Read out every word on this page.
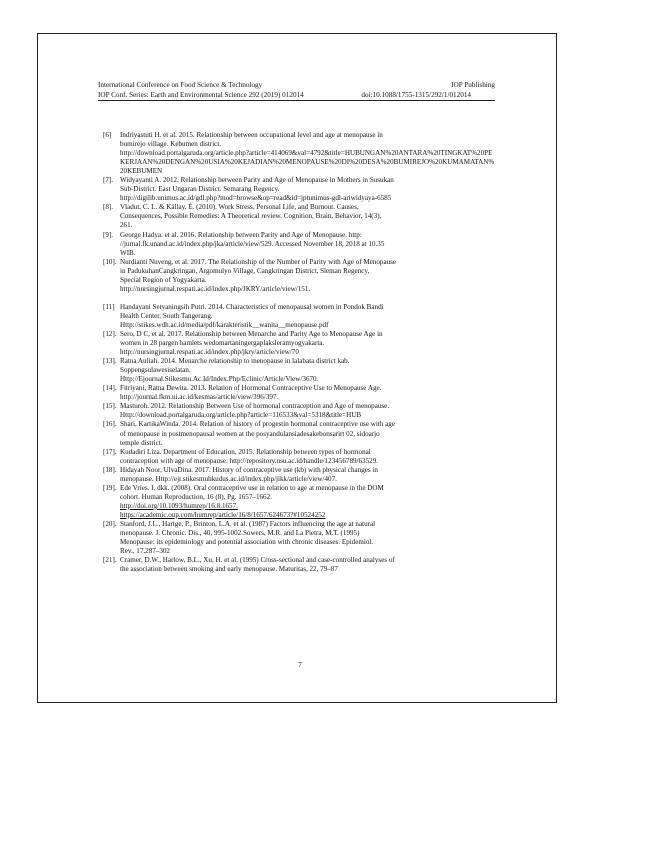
International Conference on Food Science & Technology	IOP Publishing
IOP Conf. Series: Earth and Environmental Science 292 (2019) 012014	doi:10.1088/1755-1315/292/1/012014
[6]	Indriyastuti H. et al. 2015. Relationship between occupational level and age at menopause in
bumirejo village. Kebumen district.
http://download.portalgaruda.org/article.php?article=414069&val=4792&title=HUBUNGAN%20ANTARA%20TINGKAT%20PEKERJAAN%20DENGAN%20USIA%20KEJADIAN%20MENOPAUSE%20DI%20DESA%20BUMIREJO%20KUMAMATAN%20KEBUMEN
[7]. Widyayanti A. 2012. Relationship between Parity and Age of Menopause in Mothers in Susukan
Sub-District. East Ungaran District. Semarang Regency.
http://digilib.unimus.ac.id/gdl.php?mod=browse&op=read&id=jptunimus-gdl-ariwidyaya-6585
[8]. Vladut, C. L. & Kállay, É. (2010). Work Stress, Personal Life, and Burnout. Causes,
Consequences, Possible Remedies: A Theoretical review. Cognition, Brain, Behavior, 14(3),
261.
[9]. George Hadya. et al. 2016. Relationship between Parity and Age of Menopause. http:
//jurnal.fk.unand.ac.id/index.php/jka/article/view/529. Accessed November 18, 2018 at 10.35
WIB.
[10]. Nurdianti Nuveng, et al. 2017. The Relationship of the Number of Parity with Age of Menopause
in PadukuhanCangkringan, Argomulyo Village, Cangkringan District, Sleman Regency,
Special Region of Yogyakarta.
http://nursingjurnal.respati.ac.id/index.php/JKRY/article/view/151.
[11] Handayani Setyaningsih Putri. 2014. Characteristics of menopausal women in Pondok Bandi
Health Center, South Tangerang.
Http://stikes.wdh.ac.id/media/pdf/karakteristik__wanita__menopause.pdf
[12]. Sero, D C, et al. 2017. Relationship between Menarche and Parity Age to Menopause Age in
women in 28 pargen hamlets wedomartaningergaplaksleramyogyakarta.
http://nursingjurnal.respati.ac.id/index.php/jkry/article/view/70
[13]. Ratna Auliah. 2014. Menarche relationship to menopause in lalabata district kab.
Soppengsulawesiselatan.
Http://Ejournal.Stikesmu.Ac.Id/Index.Php/Eclinic/Article/View/3670.
[14]. Fitriyani, Ratna Dewita. 2013. Relation of Hormonal Contraceptive Use to Menopause Age.
http://journal.fkm.ui.ac.id/kesmas/article/view/396/397.
[15]. Masturoh. 2012. Relationship Between Use of hormonal contraception and Age of menopause.
Http://download.portalgaruda.org/article.php?article=116533&val=5318&title=HUB
[16]. Shari, KartikaWinda. 2014. Relation of history of progestin hormonal contraceptive use with age
of menopause in postmenopausal women at the posyandulansiadesakebonsarirt 02, sidoarjo
temple district.
[17]. Kudadiri Liza. Department of Education, 2015. Relationship between types of hormonal
contraception with age of menopause. http://repository.usu.ac.id/handle/123456789/63529.
[18]. Hidayah Noor, UlvaDina. 2017. History of contraceptive use (kb) with physical changes in
menopause. Http://ejr.stikesmuhkudus.ac.id/index.php/jikk/article/view/407.
[19]. Ede Vries. I. dkk. (2008). Oral contraceptive use in relation to age at menopause in the DOM
cohort. Human Reproduction, 16 (8), Pg. 1657–1662.
http://doi.org/10.1093/humrep/16.8.1657.
https://academic.oup.com/humrep/article/16/8/1657/624673?#10524252
[20]. Stanford, J.L., Hartge, P., Brinton, L.A. et al. (1987) Factors influencing the age at natural
menopause. J. Chronic. Dis., 40, 995-1002.Sowers, M.R. and La Pietra, M.T. (1995)
Menopause: its epidemiology and potential association with chronic diseases. Epidemiol.
Rev., 17,287–302
[21]. Cramer, D.W., Harlow, B.L., Xu, H. et al. (1995) Cross-sectional and case-controlled analyses of
the association between smoking and early menopause. Maturitas, 22, 79–87
7
